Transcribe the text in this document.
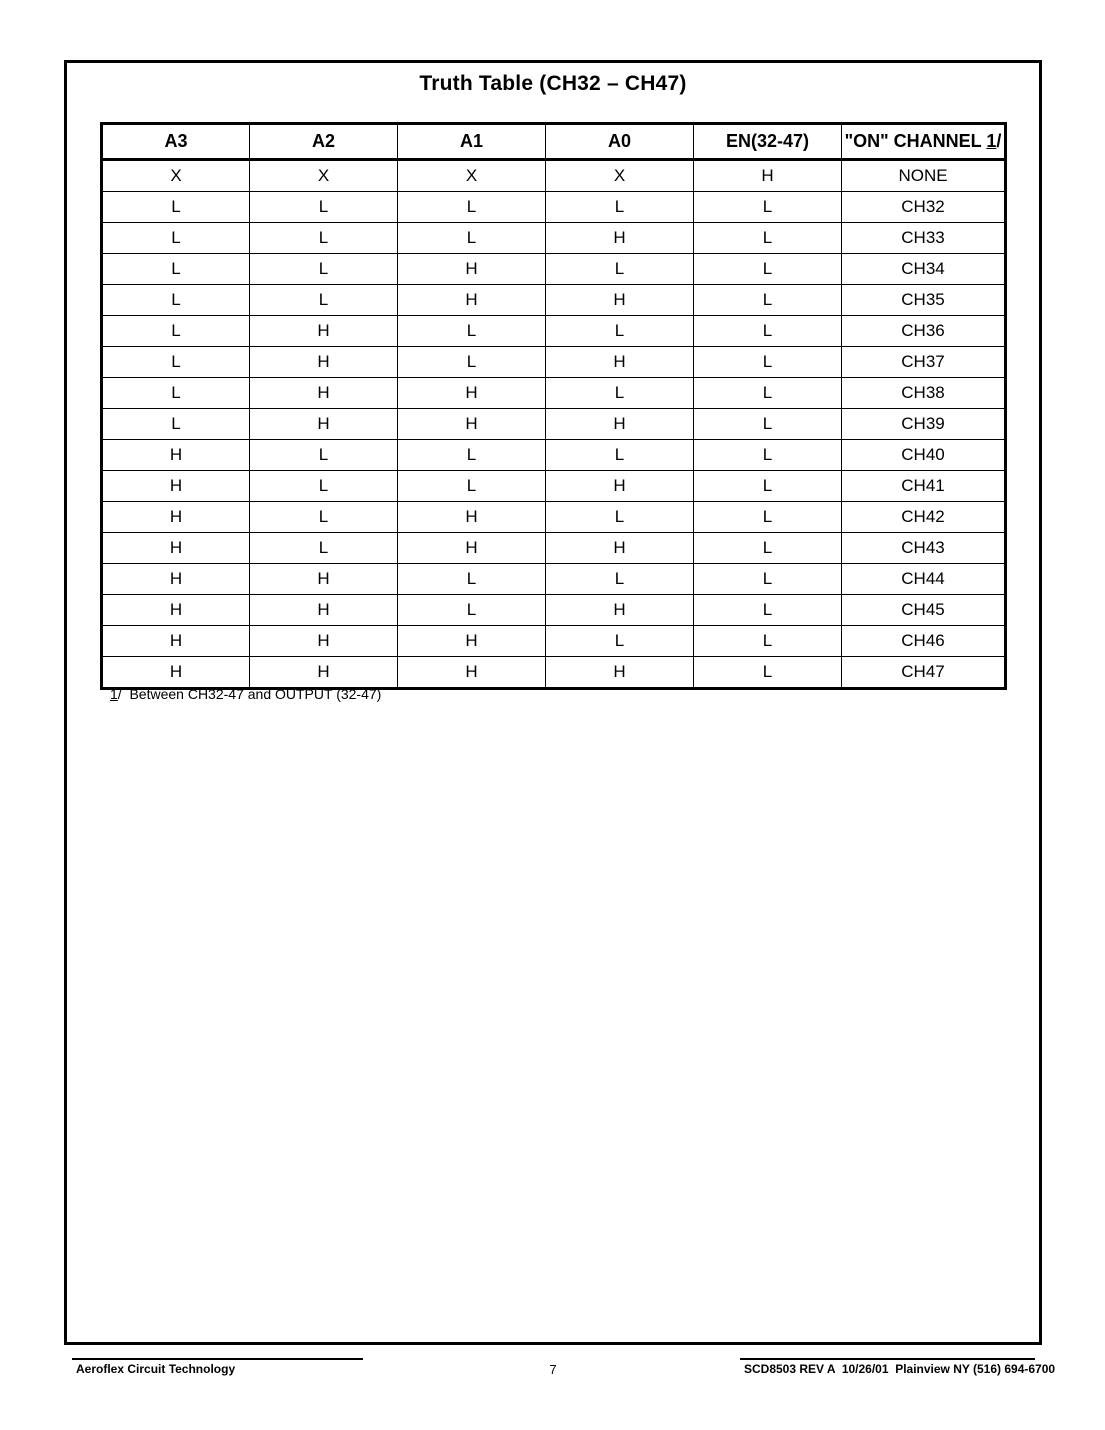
Truth Table (CH32 – CH47)
A3	A2	A1	A0	EN(32-47)	"ON" CHANNEL 1/
X	X	X	X	H	NONE
L	L	L	L	L	CH32
L	L	L	H	L	CH33
L	L	H	L	L	CH34
L	L	H	H	L	CH35
L	H	L	L	L	CH36
L	H	L	H	L	CH37
L	H	H	L	L	CH38
L	H	H	H	L	CH39
H	L	L	L	L	CH40
H	L	L	H	L	CH41
H	L	H	L	L	CH42
H	L	H	H	L	CH43
H	H	L	L	L	CH44
H	H	L	H	L	CH45
H	H	H	L	L	CH46
H	H	H	H	L	CH47
1/  Between CH32-47 and OUTPUT (32-47)
Aeroflex Circuit Technology	7	SCD8503 REV A  10/26/01  Plainview NY (516) 694-6700
